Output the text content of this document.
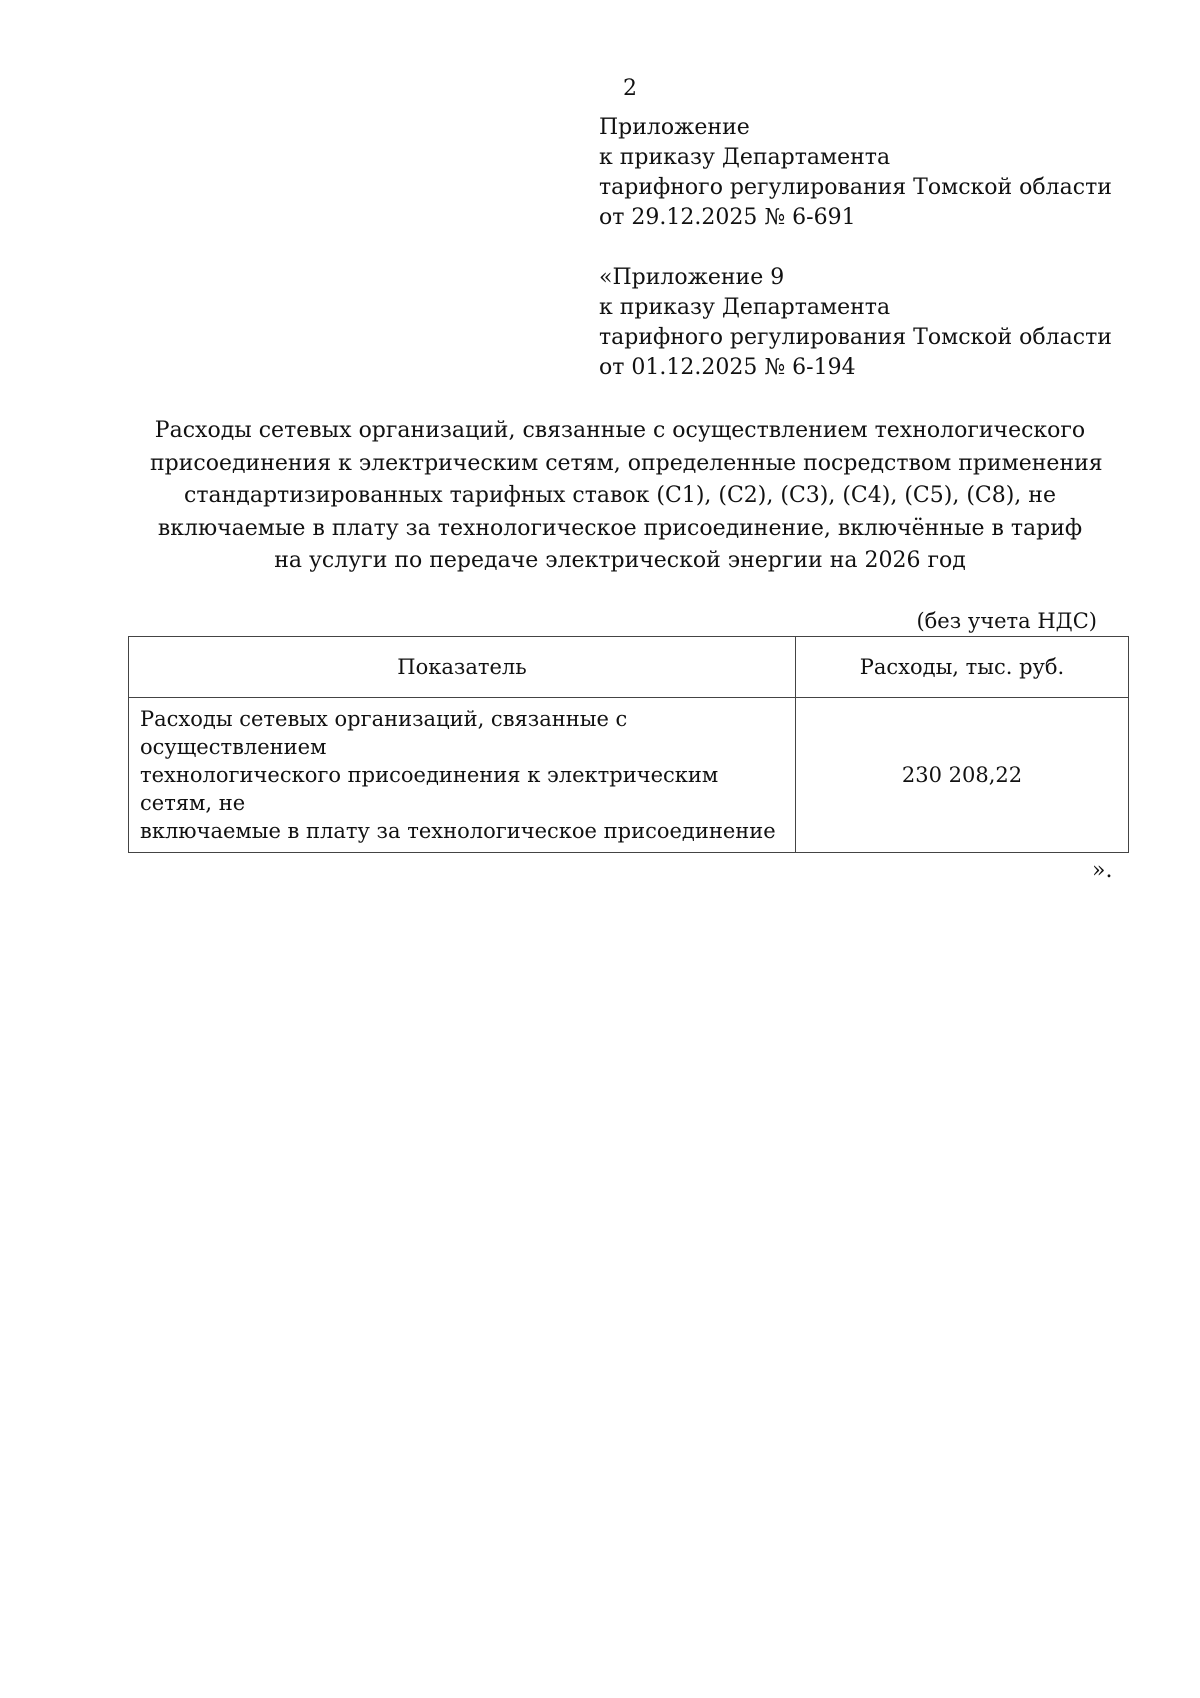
2
Приложение
к приказу Департамента
тарифного регулирования Томской области
от 29.12.2025 № 6-691
«Приложение 9
к приказу Департамента
тарифного регулирования Томской области
от 01.12.2025 № 6-194
Расходы сетевых организаций, связанные с осуществлением технологического
присоединения к электрическим сетям, определенные посредством применения
стандартизированных тарифных ставок (С1), (С2), (С3), (С4), (С5), (С8), не
включаемые в плату за технологическое присоединение, включённые в тариф
на услуги по передаче электрической энергии на 2026 год
(без учета НДС)
Показатель	Расходы, тыс. руб.

Расходы сетевых организаций, связанные с осуществлением
технологического присоединения к электрическим сетям, не
включаемые в плату за технологическое присоединение	230 208,22
».
